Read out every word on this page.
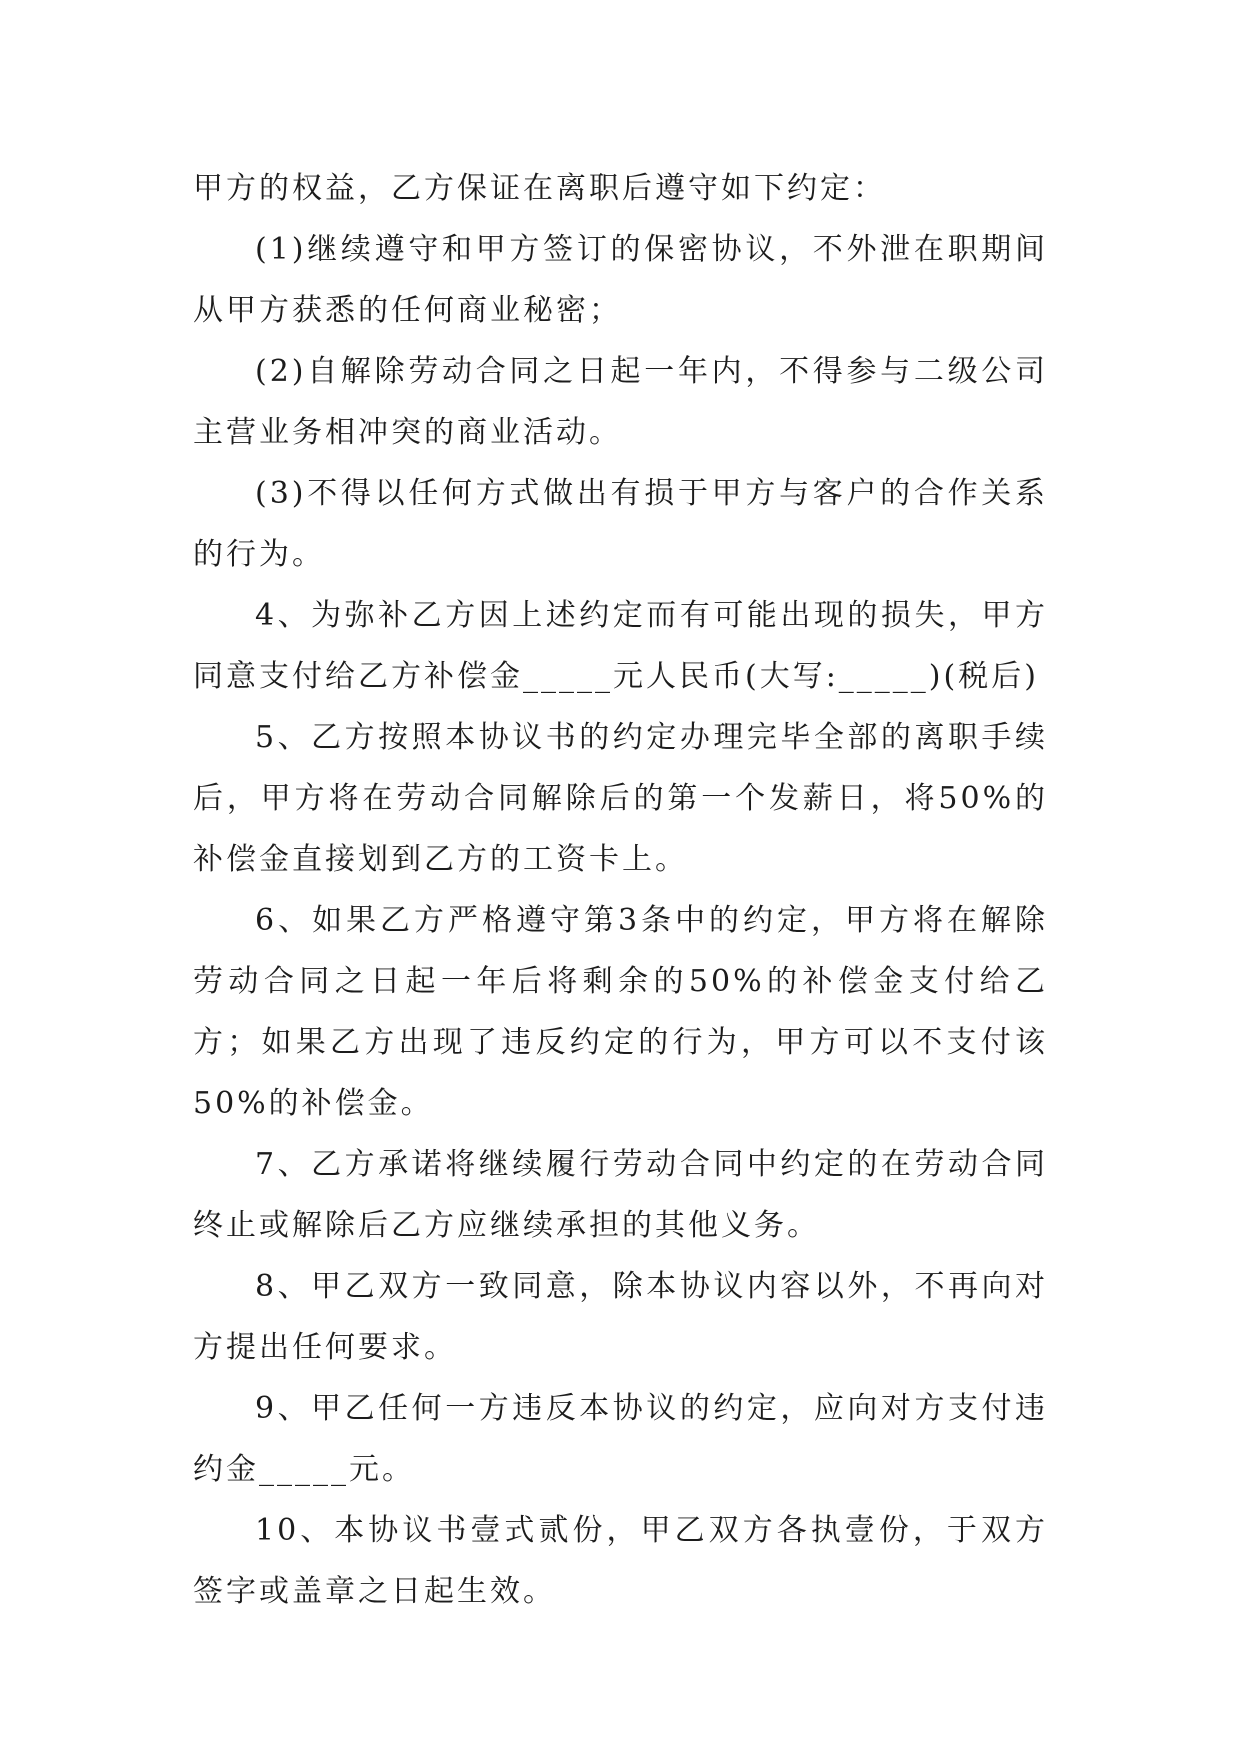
甲方的权益，乙方保证在离职后遵守如下约定：

(1)继续遵守和甲方签订的保密协议，不外泄在职期间从甲方获悉的任何商业秘密；

(2)自解除劳动合同之日起一年内，不得参与二级公司主营业务相冲突的商业活动。

(3)不得以任何方式做出有损于甲方与客户的合作关系的行为。

4、为弥补乙方因上述约定而有可能出现的损失，甲方同意支付给乙方补偿金_____元人民币(大写:_____)(税后)

5、乙方按照本协议书的约定办理完毕全部的离职手续后，甲方将在劳动合同解除后的第一个发薪日，将50%的补偿金直接划到乙方的工资卡上。

6、如果乙方严格遵守第3条中的约定，甲方将在解除劳动合同之日起一年后将剩余的50%的补偿金支付给乙方；如果乙方出现了违反约定的行为，甲方可以不支付该50%的补偿金。

7、乙方承诺将继续履行劳动合同中约定的在劳动合同终止或解除后乙方应继续承担的其他义务。

8、甲乙双方一致同意，除本协议内容以外，不再向对方提出任何要求。

9、甲乙任何一方违反本协议的约定，应向对方支付违约金_____元。

10、本协议书壹式贰份，甲乙双方各执壹份，于双方签字或盖章之日起生效。
